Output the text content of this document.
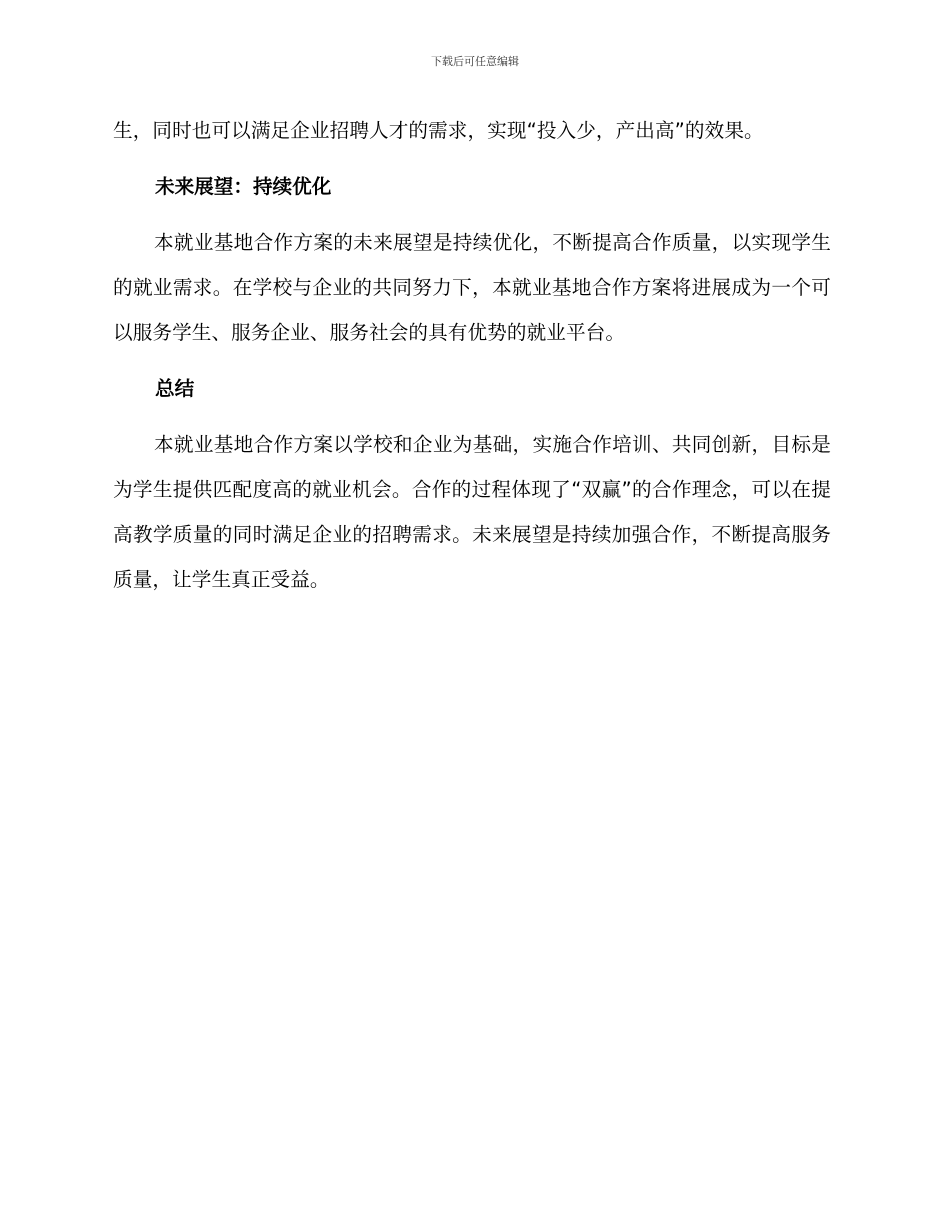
下载后可任意编辑

生，同时也可以满足企业招聘人才的需求，实现“投入少，产出高”的效果。

未来展望：持续优化

本就业基地合作方案的未来展望是持续优化，不断提高合作质量，以实现学生的就业需求。在学校与企业的共同努力下，本就业基地合作方案将进展成为一个可以服务学生、服务企业、服务社会的具有优势的就业平台。

总结

本就业基地合作方案以学校和企业为基础，实施合作培训、共同创新，目标是为学生提供匹配度高的就业机会。合作的过程体现了“双赢”的合作理念，可以在提高教学质量的同时满足企业的招聘需求。未来展望是持续加强合作，不断提高服务质量，让学生真正受益。
